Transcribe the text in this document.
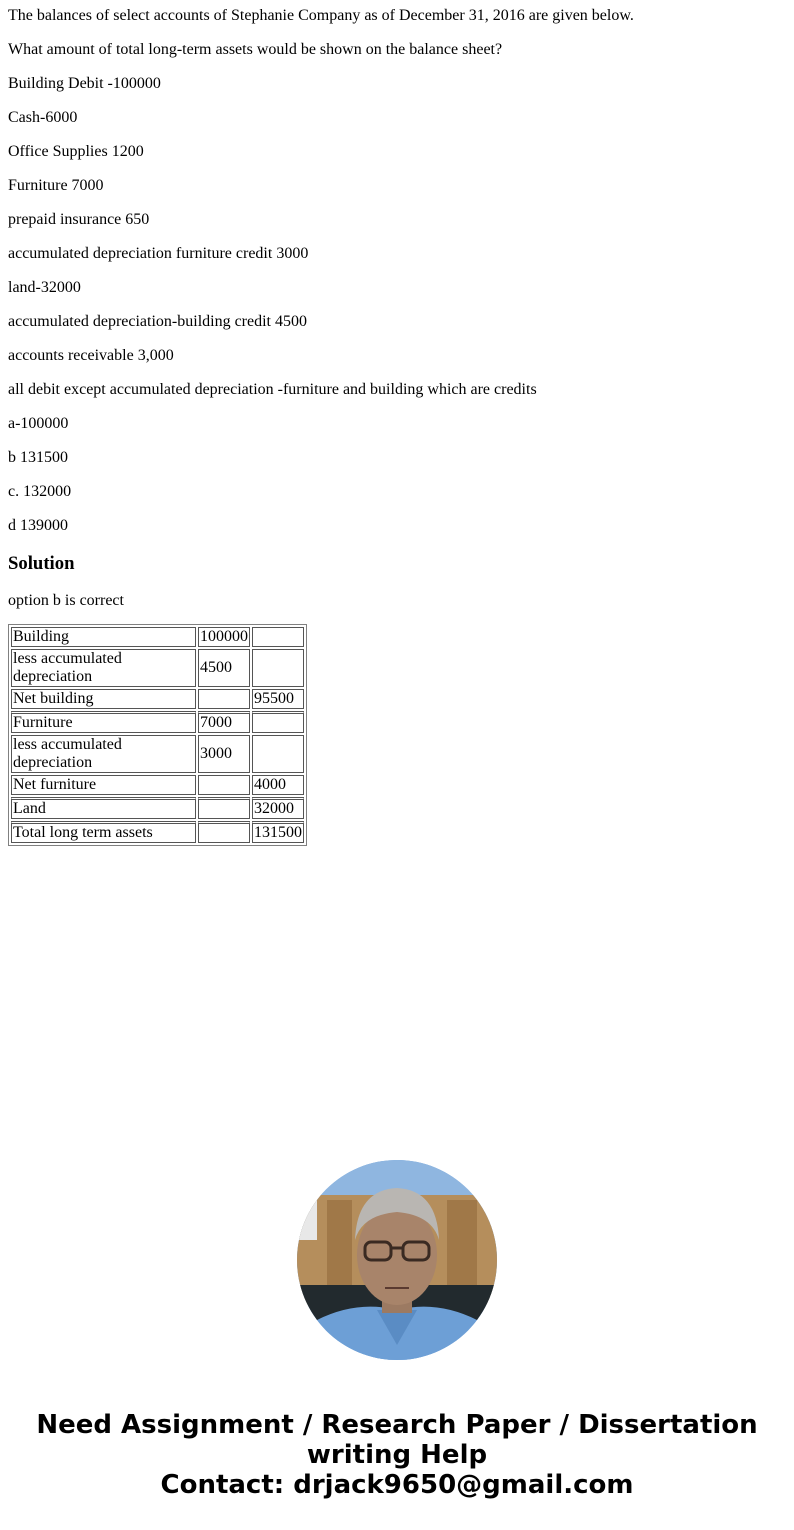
The balances of select accounts of Stephanie Company as of December 31, 2016 are given below.

What amount of total long-term assets would be shown on the balance sheet?

Building Debit -100000

Cash-6000

Office Supplies 1200

Furniture 7000

prepaid insurance 650

accumulated depreciation furniture credit 3000

land-32000

accumulated depreciation-building credit 4500

accounts receivable 3,000

all debit except accumulated depreciation -furniture and building which are credits

a-100000

b 131500

c. 132000

d 139000

Solution

option b is correct

Building	100000	
less accumulated depreciation	4500	
Net building		95500
Furniture	7000	
less accumulated depreciation	3000	
Net furniture		4000
Land		32000
Total long term assets		131500
Need Assignment / Research Paper / Dissertation
writing Help
Contact: drjack9650@gmail.com
